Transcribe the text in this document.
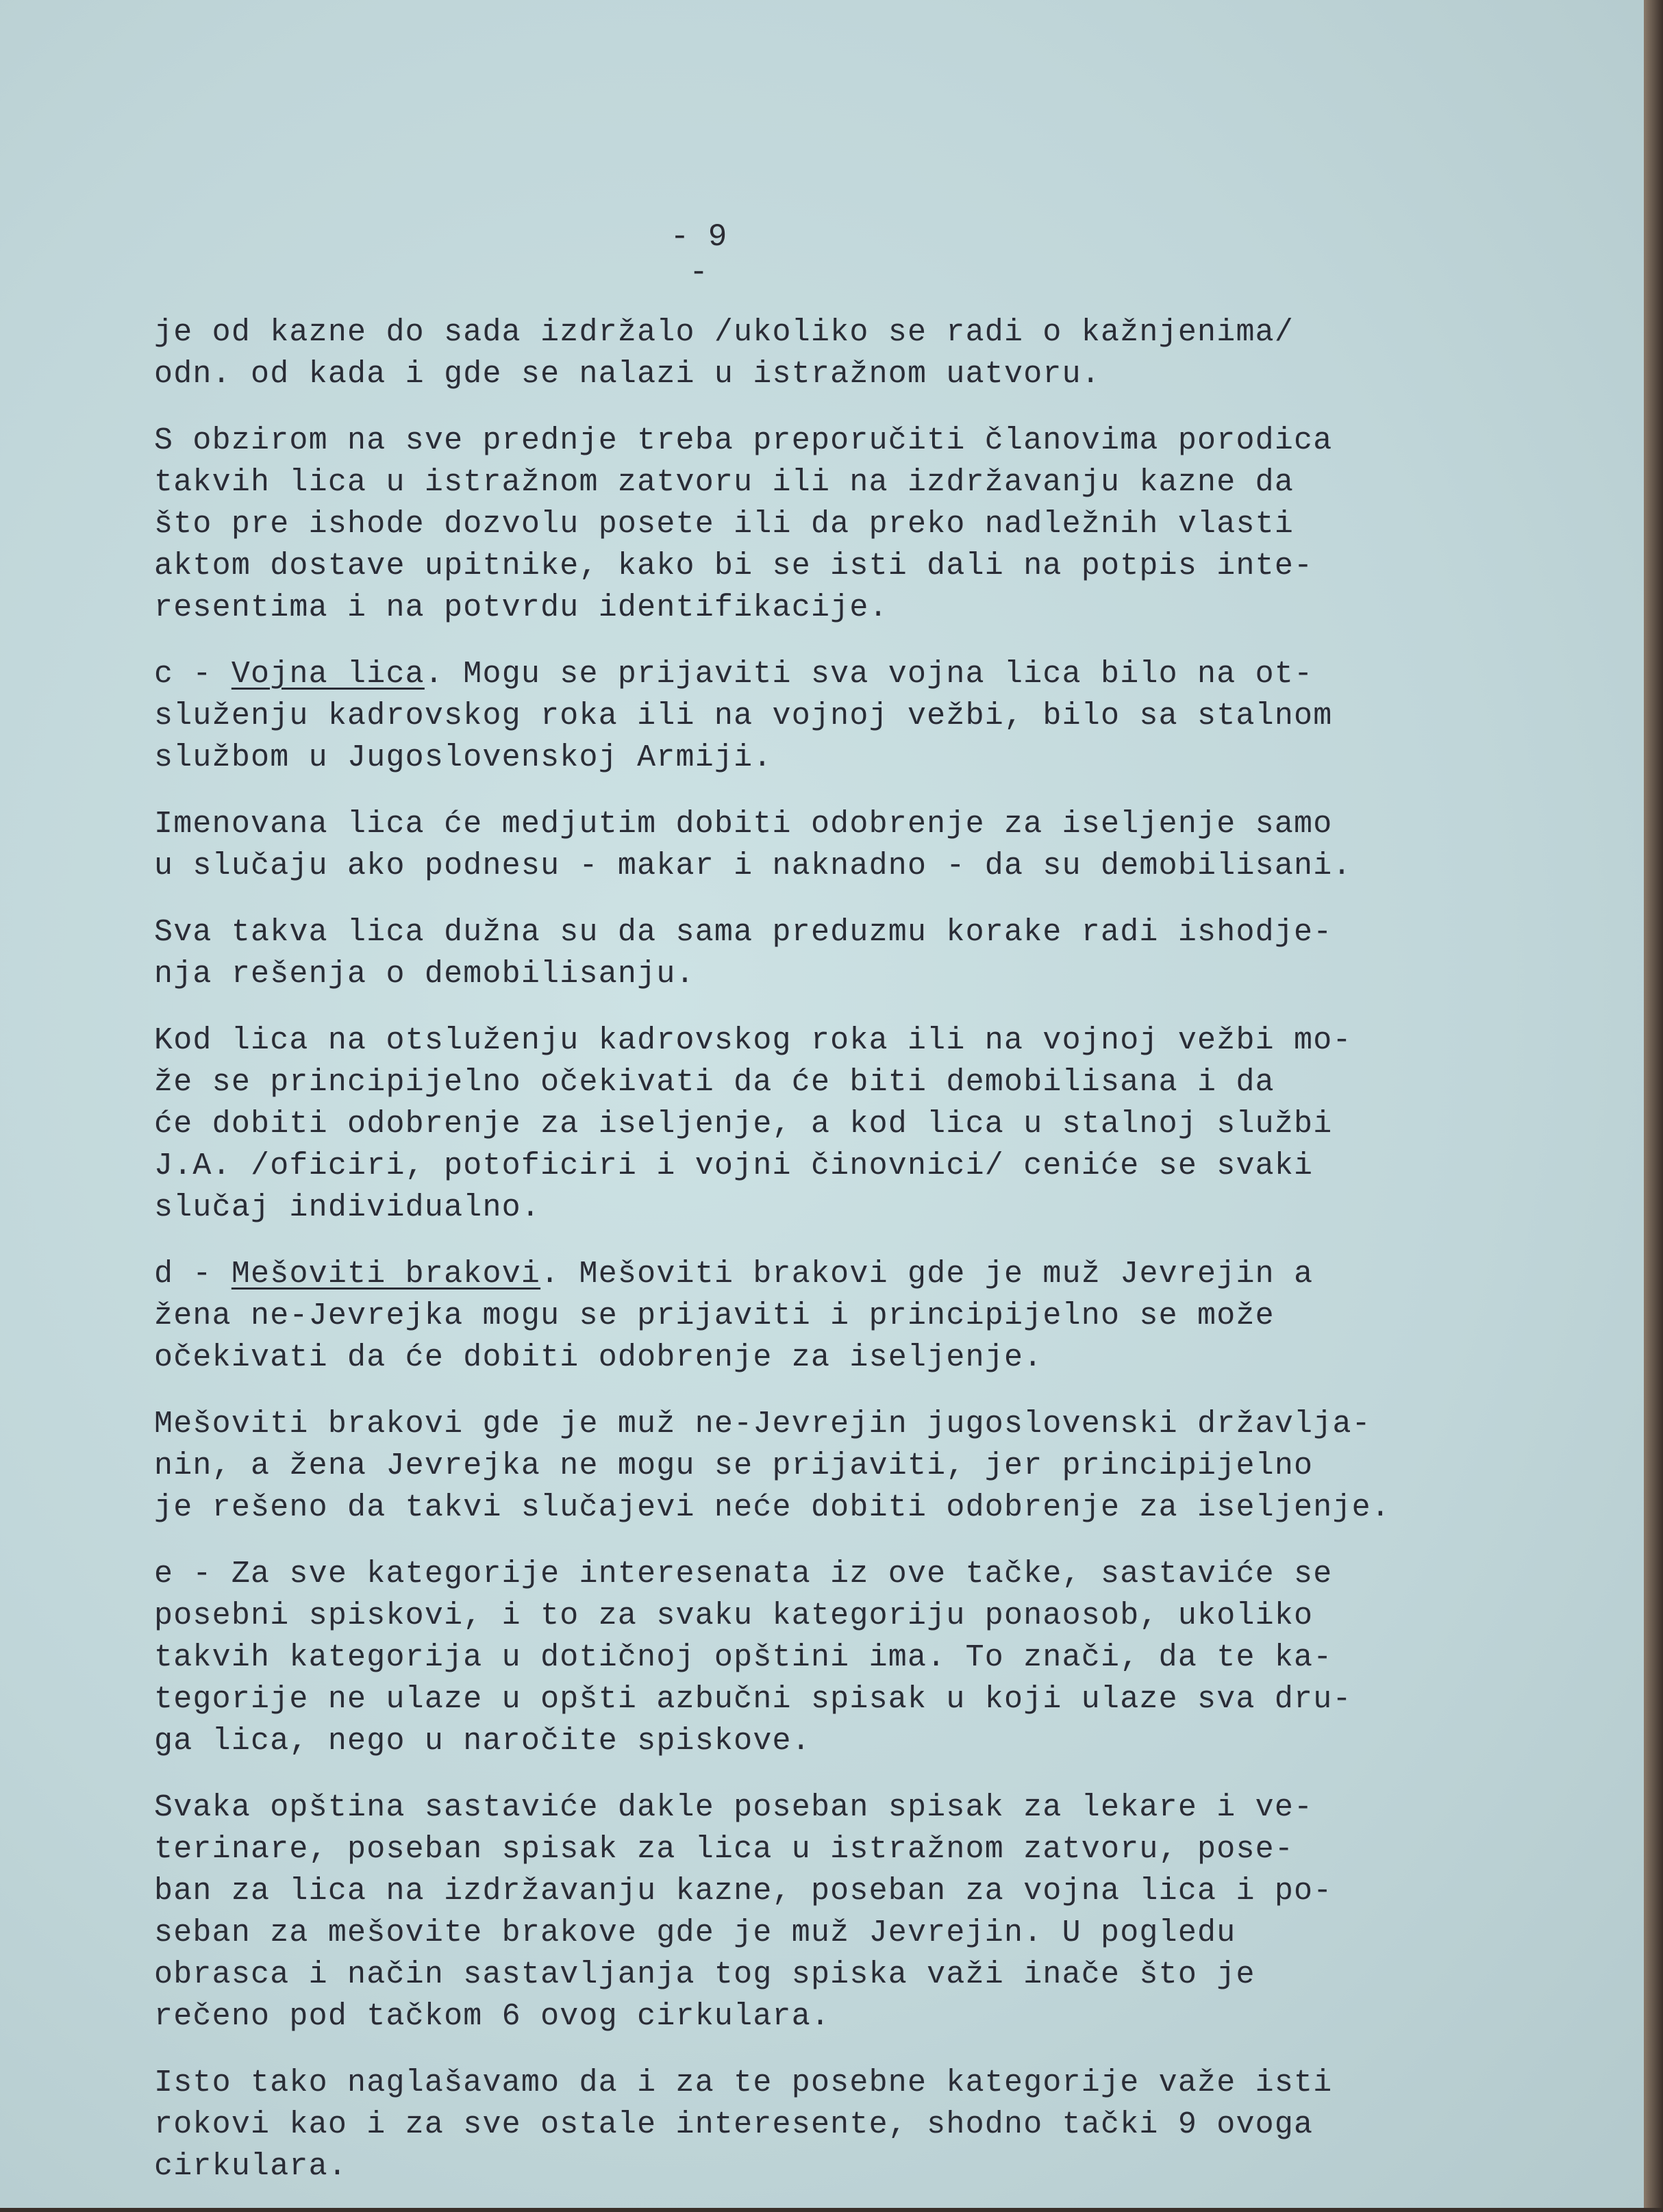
- 9 -
je od kazne do sada izdržalo /ukoliko se radi o kažnjenima/
odn. od kada i gde se nalazi u istražnom uatvoru.
S obzirom na sve prednje treba preporučiti članovima porodica
takvih lica u istražnom zatvoru ili na izdržavanju kazne da
što pre ishode dozvolu posete ili da preko nadležnih vlasti
aktom dostave upitnike, kako bi se isti dali na potpis inte-
resentima i na potvrdu identifikacije.
c - Vojna lica. Mogu se prijaviti sva vojna lica bilo na ot-
služenju kadrovskog roka ili na vojnoj vežbi, bilo sa stalnom
službom u Jugoslovenskoj Armiji.
Imenovana lica će medjutim dobiti odobrenje za iseljenje samo
u slučaju ako podnesu - makar i naknadno - da su demobilisani.
Sva takva lica dužna su da sama preduzmu korake radi ishodje-
nja rešenja o demobilisanju.
Kod lica na otsluženju kadrovskog roka ili na vojnoj vežbi mo-
že se principijelno očekivati da će biti demobilisana i da
će dobiti odobrenje za iseljenje, a kod lica u stalnoj službi
J.A. /oficiri, potoficiri i vojni činovnici/ ceniće se svaki
slučaj individualno.
d - Mešoviti brakovi. Mešoviti brakovi gde je muž Jevrejin a
žena ne-Jevrejka mogu se prijaviti i principijelno se može
očekivati da će dobiti odobrenje za iseljenje.
Mešoviti brakovi gde je muž ne-Jevrejin jugoslovenski državlja-
nin, a žena Jevrejka ne mogu se prijaviti, jer principijelno
je rešeno da takvi slučajevi neće dobiti odobrenje za iseljenje.
e - Za sve kategorije interesenata iz ove tačke, sastaviće se
posebni spiskovi, i to za svaku kategoriju ponaosob, ukoliko
takvih kategorija u dotičnoj opštini ima. To znači, da te ka-
tegorije ne ulaze u opšti azbučni spisak u koji ulaze sva dru-
ga lica, nego u naročite spiskove.
Svaka opština sastaviće dakle poseban spisak za lekare i ve-
terinare, poseban spisak za lica u istražnom zatvoru, pose-
ban za lica na izdržavanju kazne, poseban za vojna lica i po-
seban za mešovite brakove gde je muž Jevrejin. U pogledu
obrasca i način sastavljanja tog spiska važi inače što je
rečeno pod tačkom 6 ovog cirkulara.
Isto tako naglašavamo da i za te posebne kategorije važe isti
rokovi kao i za sve ostale interesente, shodno tački 9 ovoga
cirkulara.
